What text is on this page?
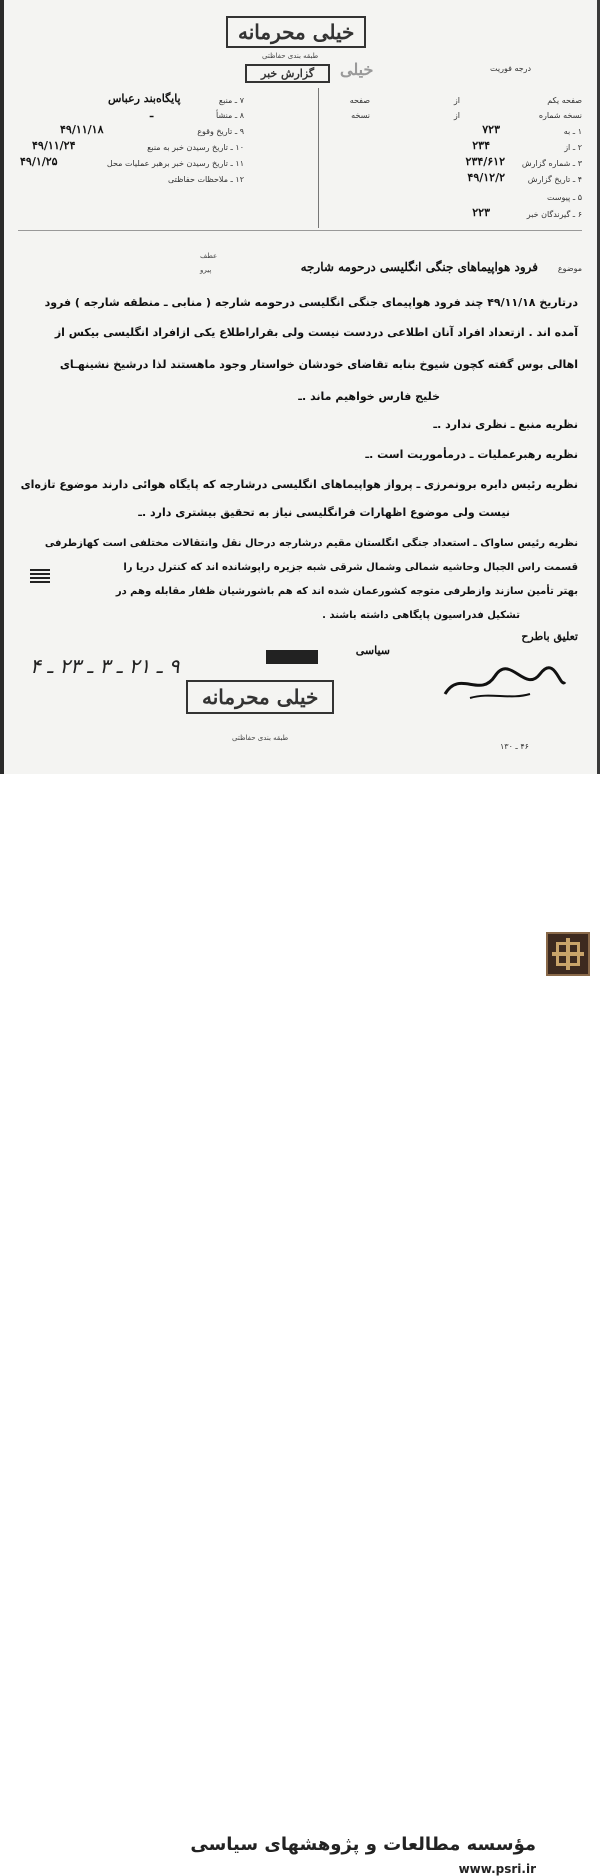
خیلی محرمانه
طبقه بندی حفاظتی
گزارش خبر	خیلی	درجه فوریت
۷ ـ منبع
پایگاه‌بند رعباس
۸ ـ منشأ
ـ
۹ ـ تاریخ وقوع
۴۹/۱۱/۱۸
۱۰ ـ تاریخ رسیدن خبر به منبع
۴۹/۱۱/۲۴
۱۱ ـ تاریخ رسیدن خبر برهبر عملیات محل
۴۹/۱/۲۵
۱۲ ـ ملاحظات حفاظتی
صفحه یکم
از
صفحه
نسخه شماره
از
نسخه
۱ ـ به
۷۲۳
۲ ـ از
۲۳۴
۳ ـ شماره گزارش
۲۳۴/۶۱۲
۴ ـ تاریخ گزارش
۴۹/۱۲/۲
۵ ـ پیوست
۶ ـ گیرندگان خبر
۲۲۳
موضوع
فرود هواپیماهای جنگی انگلیسی درحومه شارجه
عطف
پیرو
درتاریخ ۴۹/۱۱/۱۸ چند فرود هواپیمای جنگی انگلیسی درحومه شارجه ( منابی ـ منطقه شارجه ) فرود
آمده اند . ازتعداد افراد آنان اطلاعی دردست نیست ولی بقراراطلاع یکی ازافراد انگلیسی بیکس از
اهالی بوس گفته کچون شیوخ بنابه تقاضای خودشان خواستار وجود ماهستند لذا درشیخ نشینهـای
خلیج فارس خواهیم ماند .ـ
نظریه منبع ـ نظری ندارد .ـ
نظریه رهبرعملیات ـ درمأموریت است .ـ
نظریه رئیس دایره برونمرزی ـ پرواز هواپیماهای انگلیسی درشارجه که پایگاه هوائی دارند موضوع تازه‌ای
نیست ولی موضوع اظهارات فرانگلیسی نیاز به تحقیق بیشتری دارد .ـ
نظریه رئیس ساواک ـ استعداد جنگی انگلستان مقیم درشارجه درحال نقل وانتقالات مختلفی است کهازطرفی
قسمت راس الجبال وحاشیه شمالی وشمال شرقی شبه جزیره راپوشانده اند که کنترل دریا را
بهتر تأمین سازند وازطرفی متوجه کشورعمان شده اند که هم باشورشیان ظفار مقابله وهم در
تشکیل فدراسیون پایگاهی داشته باشند .
تعلیق باطرح
سیاسی
۹ ـ ۲۱ ـ ۳ ـ ۲۳ ـ ۴
خیلی محرمانه
طبقه بندی حفاظتی
۴۶ ـ ۱۳۰
مؤسسه مطالعات و پژوهشهای سیاسی
www.psri.ir
